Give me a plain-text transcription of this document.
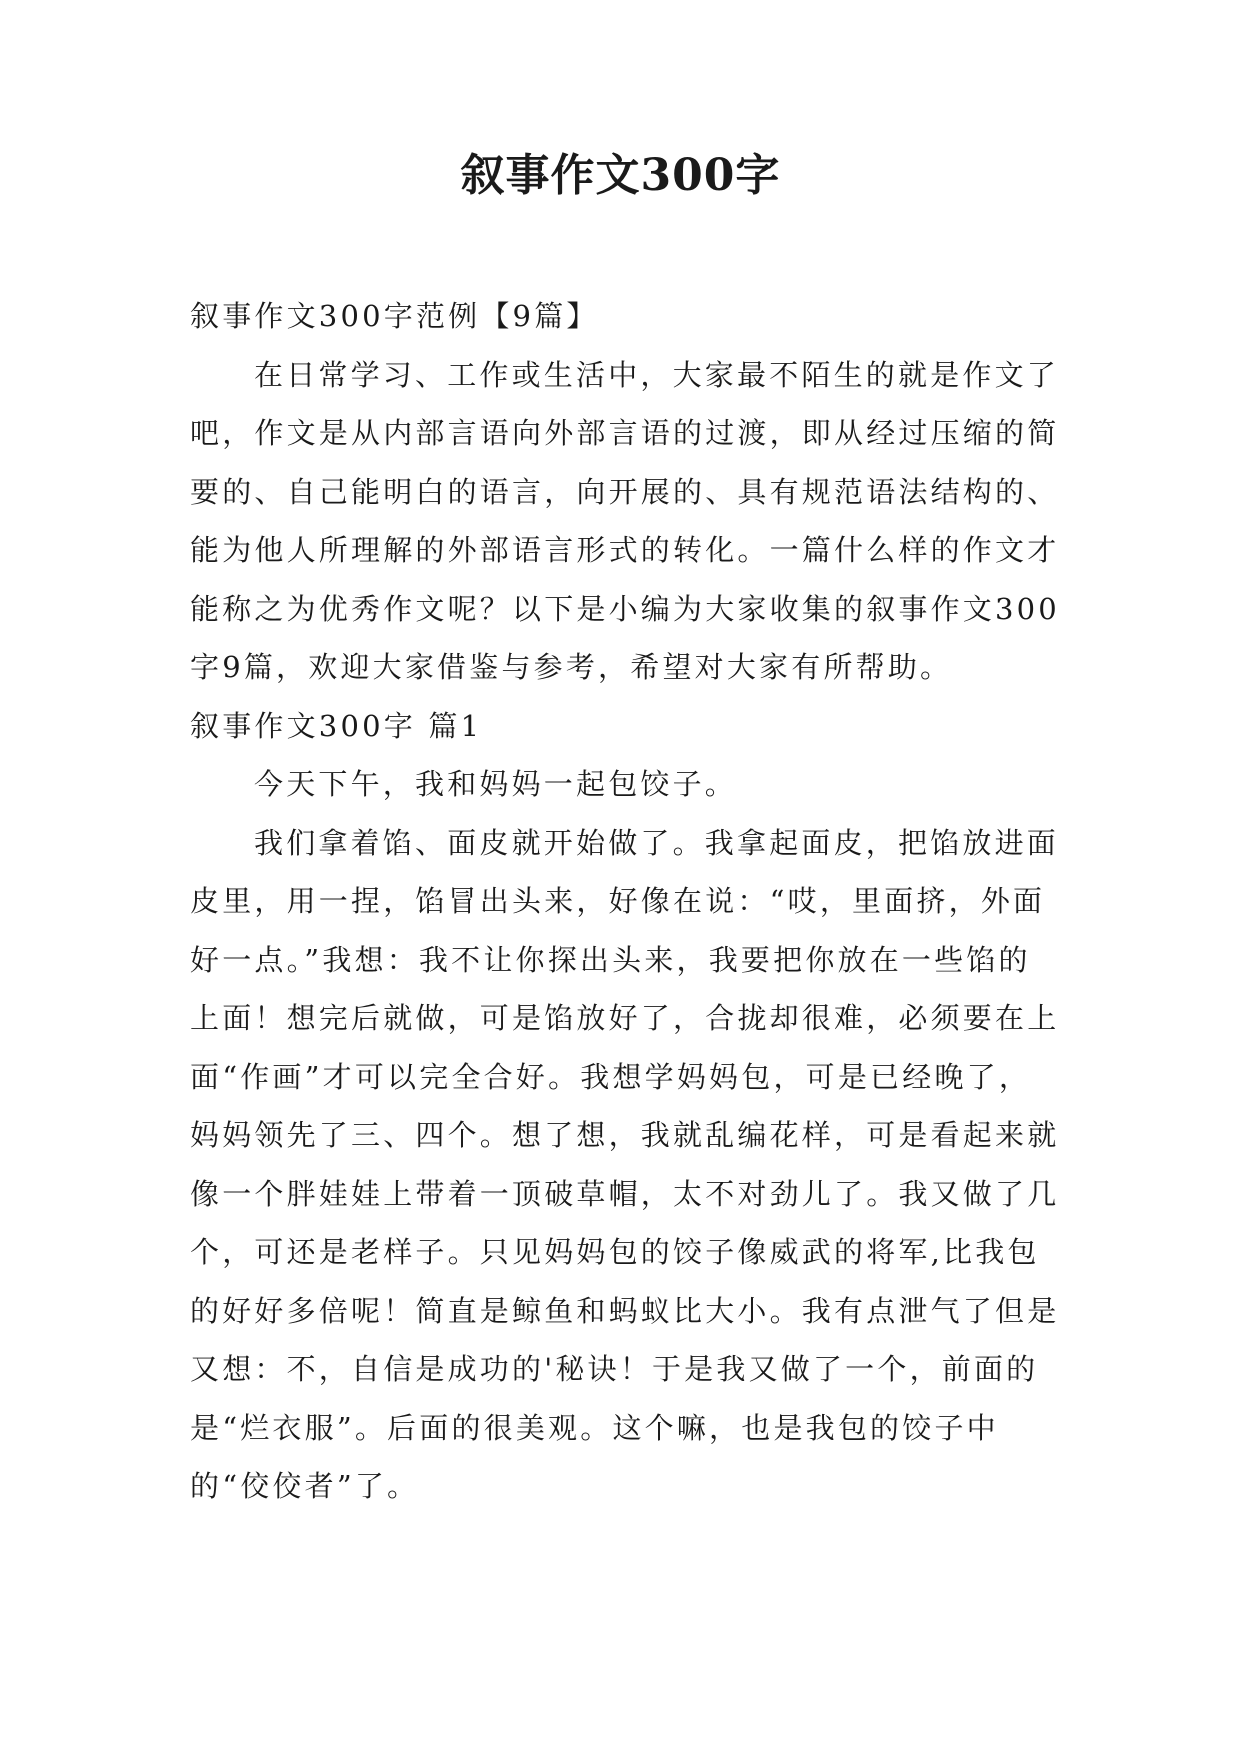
叙事作文300字

叙事作文300字范例【9篇】

在日常学习、工作或生活中，大家最不陌生的就是作文了吧，作文是从内部言语向外部言语的过渡，即从经过压缩的简要的、自己能明白的语言，向开展的、具有规范语法结构的、能为他人所理解的外部语言形式的转化。一篇什么样的作文才能称之为优秀作文呢？以下是小编为大家收集的叙事作文300字9篇，欢迎大家借鉴与参考，希望对大家有所帮助。

叙事作文300字 篇1

今天下午，我和妈妈一起包饺子。

我们拿着馅、面皮就开始做了。我拿起面皮，把馅放进面皮里，用一捏，馅冒出头来，好像在说：“哎，里面挤，外面好一点。”我想：我不让你探出头来，我要把你放在一些馅的上面！想完后就做，可是馅放好了，合拢却很难，必须要在上面“作画”才可以完全合好。我想学妈妈包，可是已经晚了，妈妈领先了三、四个。想了想，我就乱编花样，可是看起来就像一个胖娃娃上带着一顶破草帽，太不对劲儿了。我又做了几个，可还是老样子。只见妈妈包的饺子像威武的将军,比我包的好好多倍呢！简直是鲸鱼和蚂蚁比大小。我有点泄气了但是又想：不，自信是成功的'秘诀！于是我又做了一个，前面的是“烂衣服”。后面的很美观。这个嘛，也是我包的饺子中的“佼佼者”了。
